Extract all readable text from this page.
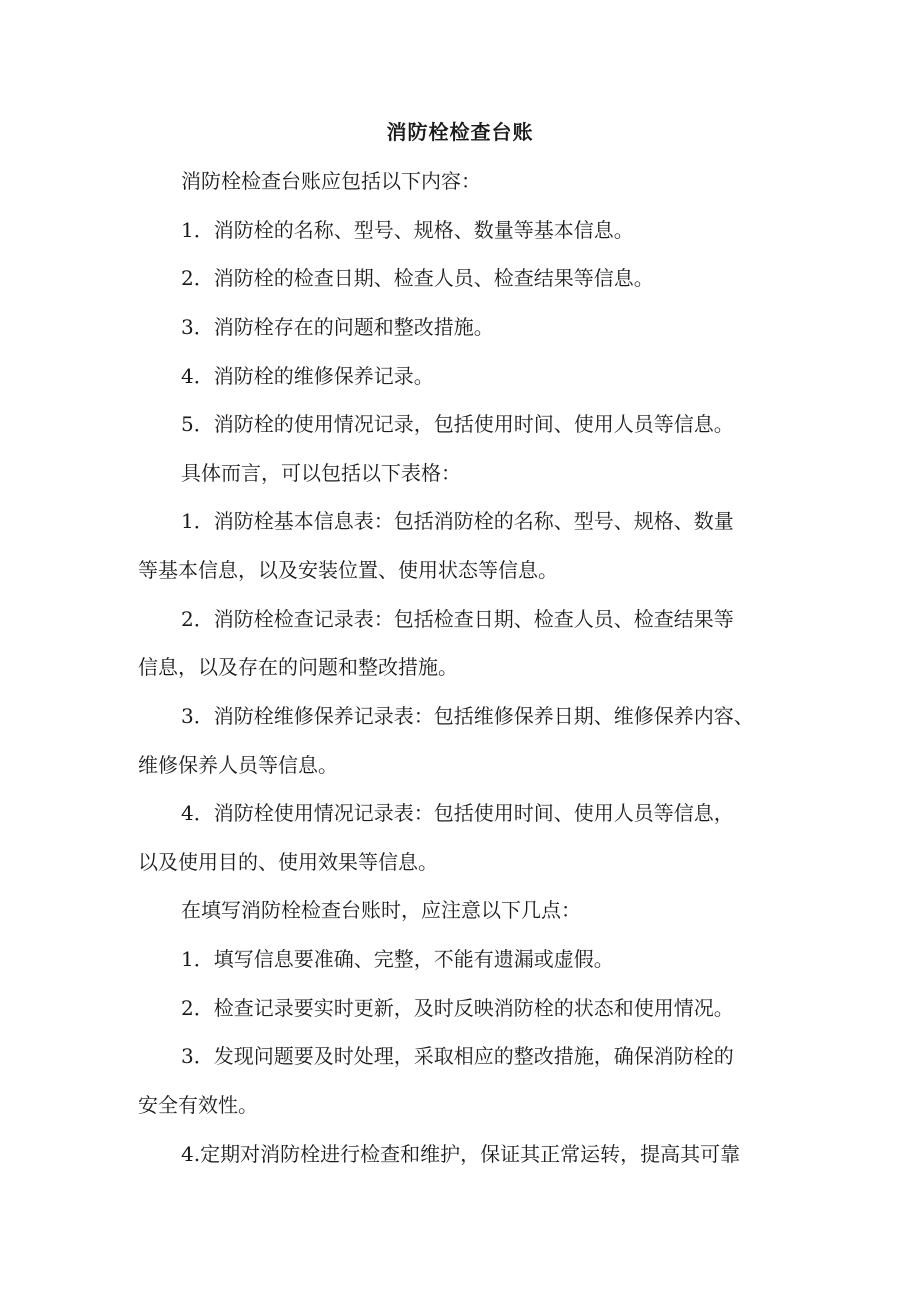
消防栓检查台账
消防栓检查台账应包括以下内容：
1．消防栓的名称、型号、规格、数量等基本信息。
2．消防栓的检查日期、检查人员、检查结果等信息。
3．消防栓存在的问题和整改措施。
4．消防栓的维修保养记录。
5．消防栓的使用情况记录，包括使用时间、使用人员等信息。
具体而言，可以包括以下表格：
1．消防栓基本信息表：包括消防栓的名称、型号、规格、数量
等基本信息，以及安装位置、使用状态等信息。
2．消防栓检查记录表：包括检查日期、检查人员、检查结果等
信息，以及存在的问题和整改措施。
3．消防栓维修保养记录表：包括维修保养日期、维修保养内容、
维修保养人员等信息。
4．消防栓使用情况记录表：包括使用时间、使用人员等信息，
以及使用目的、使用效果等信息。
在填写消防栓检查台账时，应注意以下几点：
1．填写信息要准确、完整，不能有遗漏或虚假。
2．检查记录要实时更新，及时反映消防栓的状态和使用情况。
3．发现问题要及时处理，采取相应的整改措施，确保消防栓的
安全有效性。
4.定期对消防栓进行检查和维护，保证其正常运转，提高其可靠
